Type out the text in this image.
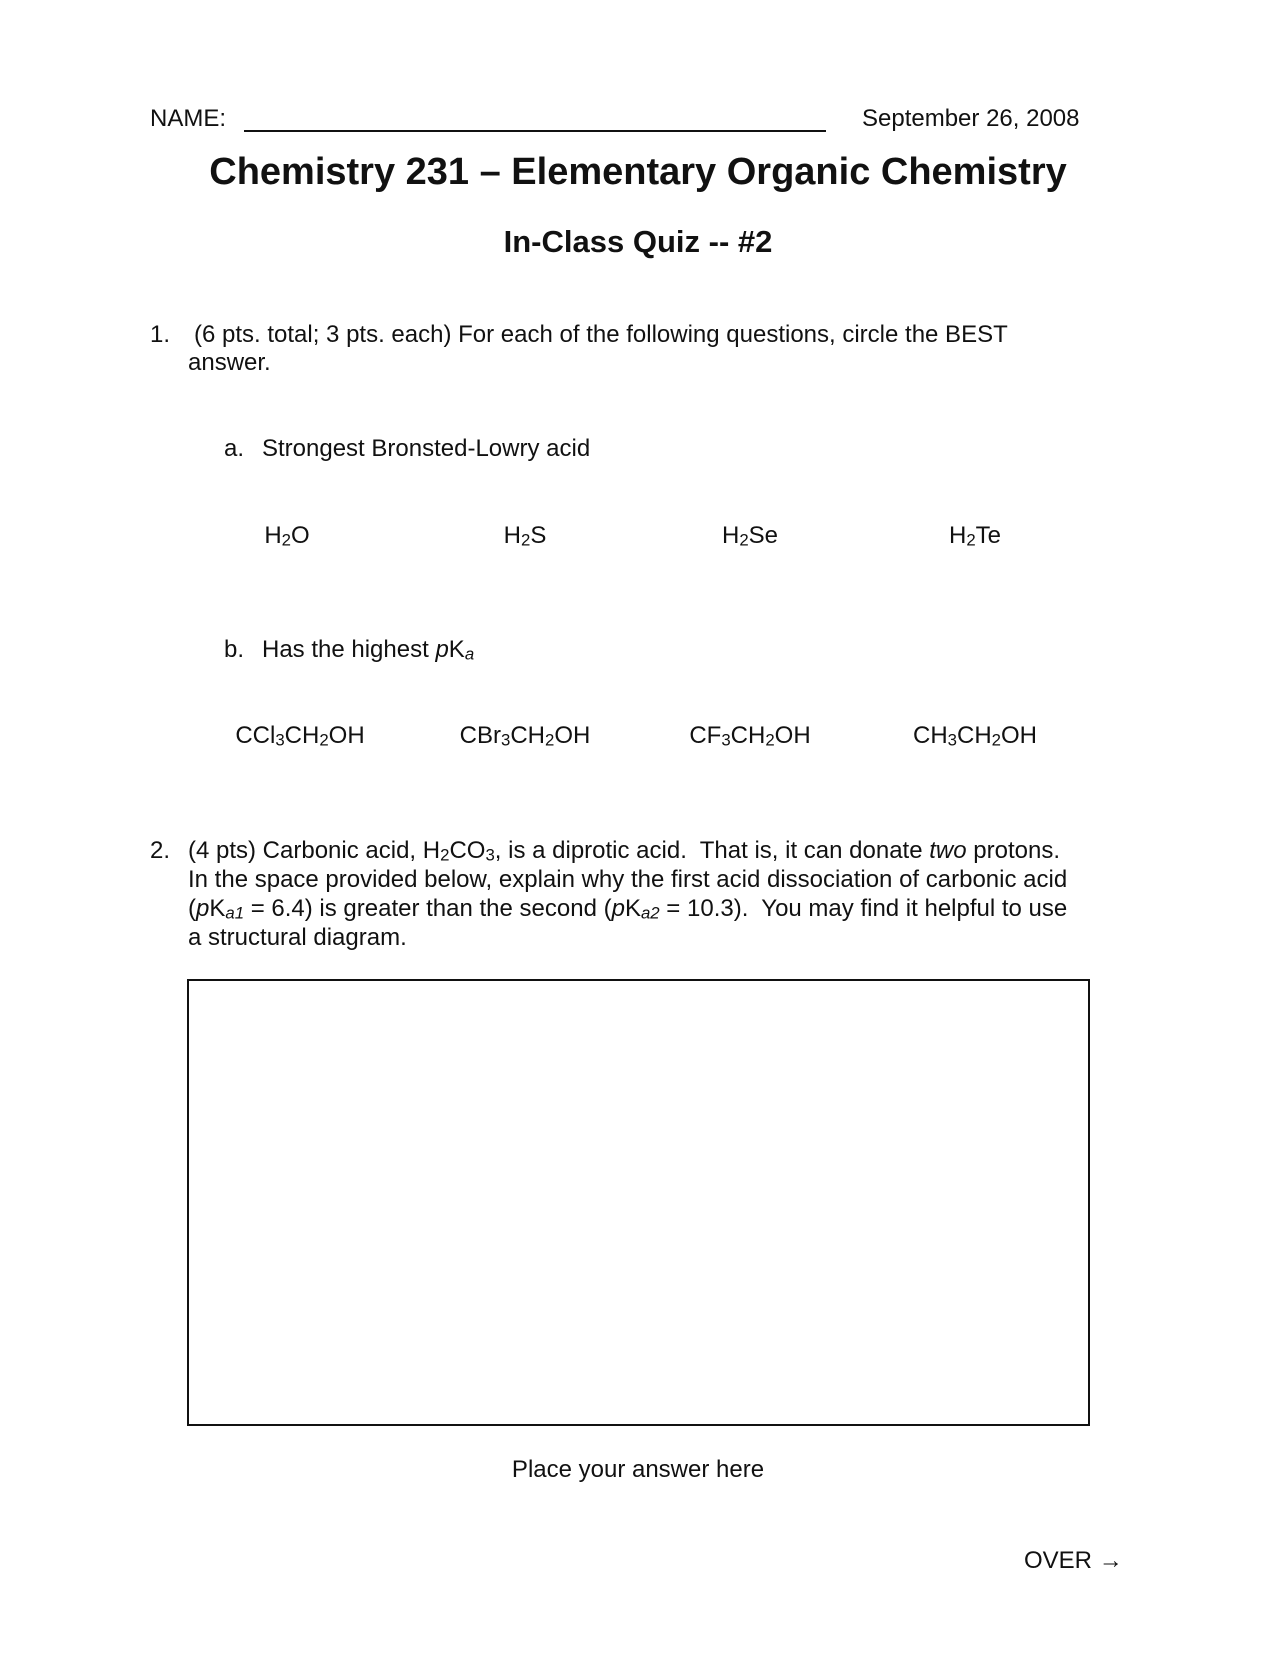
NAME:	September 26, 2008
Chemistry 231 – Elementary Organic Chemistry
In-Class Quiz -- #2
1. (6 pts. total; 3 pts. each) For each of the following questions, circle the BEST
answer.
a. Strongest Bronsted-Lowry acid
$H_2O$	$H_2S$	$H_2Se$	$H_2Te$
b. Has the highest $pK_a$
$CCl_3CH_2OH$	$CBr_3CH_2OH$	$CF_3CH_2OH$	$CH_3CH_2OH$
2. (4 pts) Carbonic acid, $H_2CO_3$, is a diprotic acid.  That is, it can donate two protons.
In the space provided below, explain why the first acid dissociation of carbonic acid
$(pK_{a1} = 6.4)$ is greater than the second $(pK_{a2} = 10.3)$.  You may find it helpful to use
a structural diagram.
Place your answer here
OVER →
